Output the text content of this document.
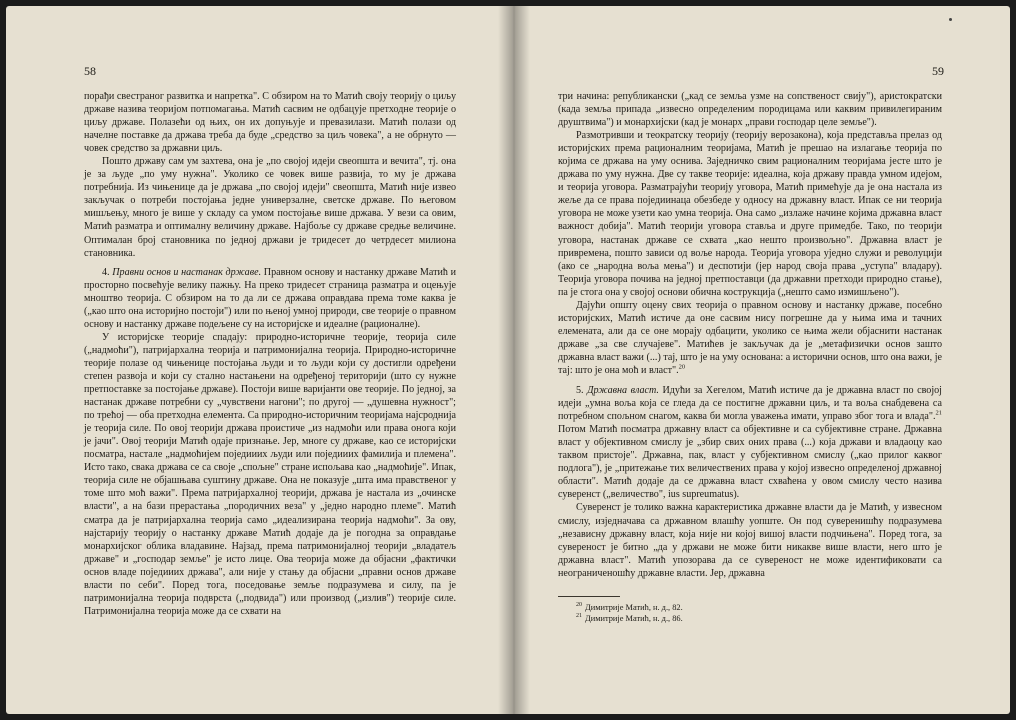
58

порађи свестраног развитка и напретка". С обзиром на то Матић своју теорију о циљу државе назива теоријом потпомагања. Матић сасвим не одбацује претходне теорије о циљу државе. Полазећи од њих, он их допуњује и превазилази. Матић полази од начелне поставке да држава треба да буде „средство за циљ човека", а не обрнуто — човек средство за државни циљ.

Пошто државу сам ум захтева, она је „по својој идеји свеопшта и вечита", тј. она је за људе „по уму нужна". Уколико се човек више развија, то му је држава потребнија. Из чињенице да је држава „по својој идеји" свеопшта, Матић није извео закључак о потреби постојања једне универзалне, светске државе. По његовом мишљењу, много је више у складу са умом постојање више држава. У вези са овим, Матић разматра и оптималну величину државе. Најбоље су државе средње величине. Оптималан број становника по једној држави је тридесет до четрдесет милиона становника.

4. Правни основ и настанак државе. Правном основу и настанку државе Матић и просторно посвећује велику пажњу. На преко тридесет страница разматра и оцењује мноштво теорија. С обзиром на то да ли се држава оправдава према томе каква је („као што она историјно постоји") или по њеној умној природи, све теорије о правном основу и настанку државе подељене су на историјске и идеалне (рационалне).

У историјске теорије спадају: природно-историчне теорије, теорија силе („надмоћи"), патријархална теорија и патримонијална теорија. Природно-историчне теорије полазе од чињенице постојања људи и то људи који су достигли одређени степен развоја и који су стално настањени на одређеној територији (што су нужне претпоставке за постојање државе). Постоји више варијанти ове теорије. По једној, за настанак државе потребни су „чувствени нагони"; по другој — „душевна нужност"; по трећој — оба претходна елемента. Са природно-историчним теоријама најсроднија је теорија силе. По овој теорији држава проистиче „из надмоћи или права онога који је јачи". Овој теорији Матић одаје признање. Јер, многе су државе, као се историјски посматра, настале „надмоћијем поједииих људи или поједииих фамилија и племена". Исто тако, свака држава се са своје „спољне" стране испољава као „надмоћије". Ипак, теорија силе не објашњава суштину државе. Она не показује „шта има правственог у томе што моћ важи". Према патријархалној теорији, држава је настала из „очинске власти", а на бази прерастања „породичних веза" у „једно народно племе". Матић сматра да је патријархална теорија само „идеализирана теорија надмоћи". За ову, најстарију теорију о настанку државе Матић додаје да је погодна за оправдање монархијског облика владавине. Најзад, према патримонијалној теорији „владатељ државе" и „господар земље" је исто лице. Ова теорија може да објасни „фактички основ владе поједииих држава", али није у стању да објасни „правни основ државе власти по себи". Поред тога, поседовање земље подразумева и силу, па је патримонијална теорија подврста („подвида") или производ („излив") теорије силе. Патримонијална теорија може да се схвати на

59

три начина: републикански („кад се земља узме на сопственост свију"), аристократски (када земља припада „извесно определеним породицама или каквим привилегираним друштвима") и монархијски (кад је монарх „прави господар целе земље").

Размотривши и теократску теорију (теорију верозакона), која представља прелаз од историјских према рационалним теоријама, Матић је прешао на излагање теорија по којима се држава на уму оснива. Заједничко свим рационалним теоријама јесте што је држава по уму нужна. Две су такве теорије: идеална, која државу правда умном идејом, и теорија уговора. Разматрајући теорију уговора, Матић примећује да је она настала из жеље да се права поједиинаца обезбеде у односу на државну власт. Ипак се ни теорија уговора не може узети као умна теорија. Она само „излаже начине којима државна власт важност добија". Матић теорији уговора ставља и друге примедбе. Тако, по теорији уговора, настанак државе се схвата „као нешто произвољно". Државна власт је привремена, пошто зависи од воље народа. Теорија уговора уједно служи и револуцији (ако се „народна воља мења") и деспотији (јер народ своја права „уступа" владару). Теорија уговора почива на једној претпоставци (да државни претходи природно стање), па је стога она у својој основи обична кострукција („нешто само измишљено").

Дајући општу оцену свих теорија о правном основу и настанку државе, посебно историјских, Матић истиче да оне сасвим нису погрешне да у њима има и тачних елемената, али да се оне морају одбацити, уколико се њима жели објаснити настанак државе „за све случајеве". Матићев је закључак да је „метафизички основ зашто државна власт важи (...) тај, што је на уму основана: а исторични основ, што она важи, је тај: што је она моћ и власт".$^{20}$

5. Државна власт. Идући за Хегелом, Матић истиче да је државна власт по својој идеји „умна воља која се гледа да се постигне државни циљ, и та воља снабдевена са потребном спољном снагом, каква би могла уважења имати, управо због тога и влада".$^{21}$ Потом Матић посматра државну власт са објективне и са субјективне стране. Државна власт у објективном смислу је „збир свих оних права (...) која држави и владаоцу као таквом пристоје". Државна, пак, власт у субјективном смислу („као прилог каквог подлога"), је „притежање тих величествених права у којој извесно определеној државној области". Матић додаје да се државна власт схваћена у овом смислу често назива суверенст („величество", ius supreumatus).

Суверенст је толико важна карактеристика државне власти да је Матић, у извесном смислу, изједначава са државном влашћу уопште. Он под суверенишћу подразумева „независну државну власт, која није ни којој вишој власти подчињена". Поред тога, за сувереност је битно „да у држави не може бити никакве више власти, него што је државна власт". Матић упозорава да се сувереност не може идентификовати са неограниченошћу државне власти. Јер, државна

$^{20}$ Димитрије Матић, н. д., 82.
$^{21}$ Димитрије Матић, н. д., 86.
